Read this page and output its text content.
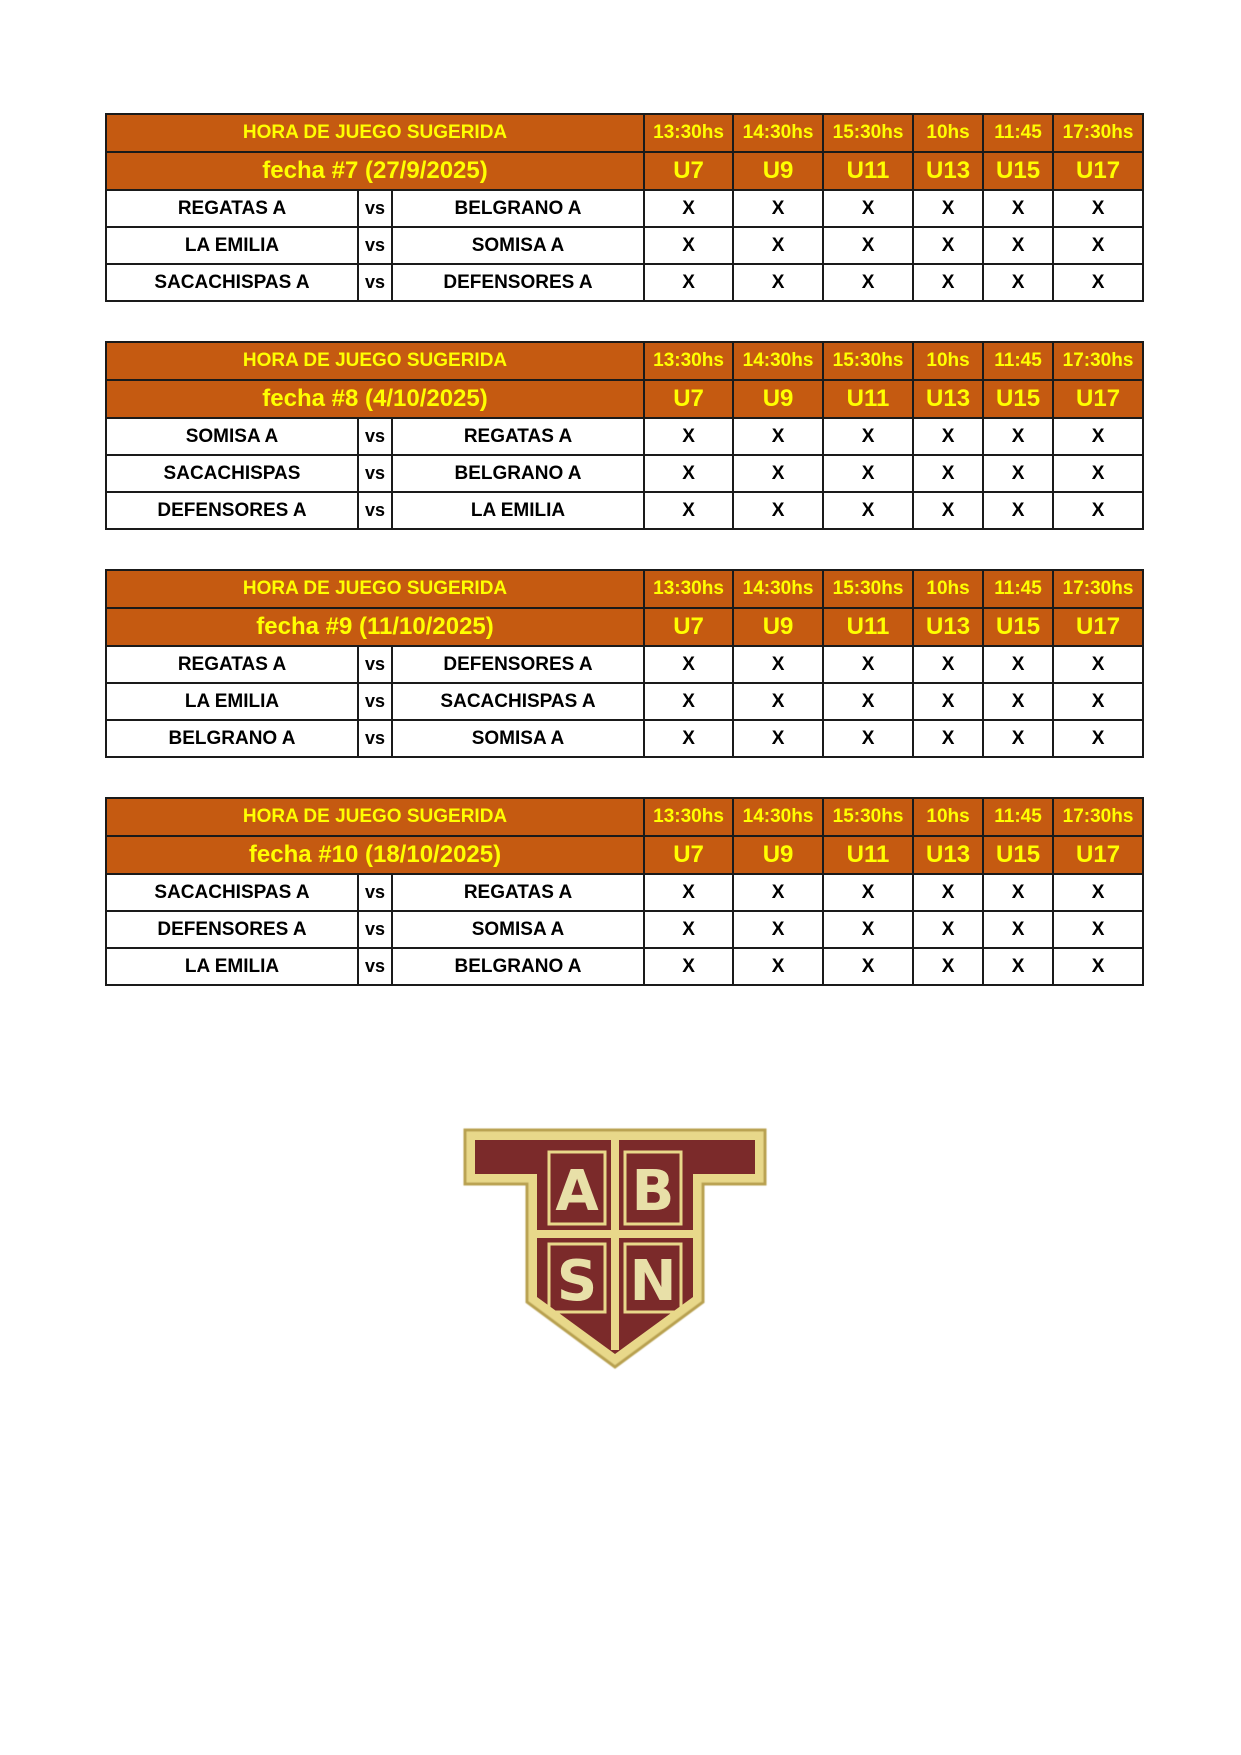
HORA DE JUEGO SUGERIDA			13:30hs	14:30hs	15:30hs	10hs	11:45	17:30hs
fecha #7 (27/9/2025)			U7	U9	U11	U13	U15	U17
REGATAS A	vs	BELGRANO A	X	X	X	X	X	X
LA EMILIA	vs	SOMISA A	X	X	X	X	X	X
SACACHISPAS A	vs	DEFENSORES A	X	X	X	X	X	X
HORA DE JUEGO SUGERIDA			13:30hs	14:30hs	15:30hs	10hs	11:45	17:30hs
fecha #8 (4/10/2025)			U7	U9	U11	U13	U15	U17
SOMISA A	vs	REGATAS A	X	X	X	X	X	X
SACACHISPAS	vs	BELGRANO A	X	X	X	X	X	X
DEFENSORES A	vs	LA EMILIA	X	X	X	X	X	X
HORA DE JUEGO SUGERIDA			13:30hs	14:30hs	15:30hs	10hs	11:45	17:30hs
fecha #9 (11/10/2025)			U7	U9	U11	U13	U15	U17
REGATAS A	vs	DEFENSORES A	X	X	X	X	X	X
LA EMILIA	vs	SACACHISPAS A	X	X	X	X	X	X
BELGRANO A	vs	SOMISA A	X	X	X	X	X	X
HORA DE JUEGO SUGERIDA			13:30hs	14:30hs	15:30hs	10hs	11:45	17:30hs
fecha #10 (18/10/2025)			U7	U9	U11	U13	U15	U17
SACACHISPAS A	vs	REGATAS A	X	X	X	X	X	X
DEFENSORES A	vs	SOMISA A	X	X	X	X	X	X
LA EMILIA	vs	BELGRANO A	X	X	X	X	X	X
A B
S N
